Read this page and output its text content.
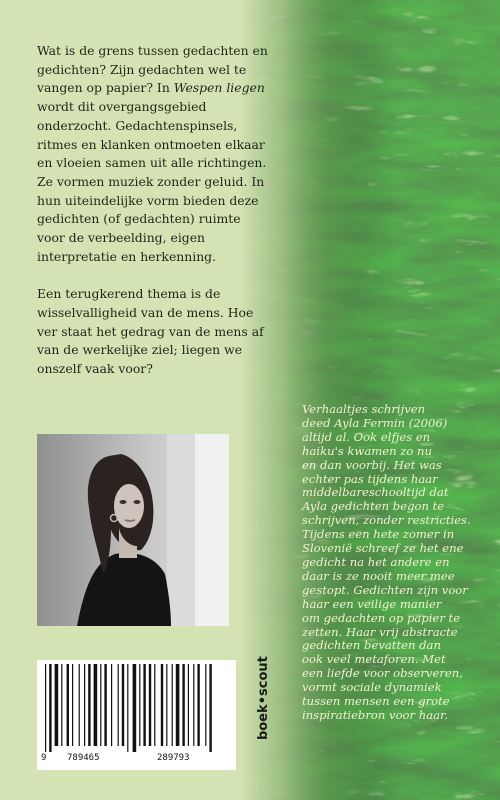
Wat is de grens tussen gedachten en gedichten? Zijn gedachten wel te vangen op papier? In Wespen liegen wordt dit overgangsgebied onderzocht. Gedachtenspinsels, ritmes en klanken ontmoeten elkaar en vloeien samen uit alle richtingen. Ze vormen muziek zonder geluid. In hun uiteindelijke vorm bieden deze gedichten (of gedachten) ruimte voor de verbeelding, eigen interpretatie en herkenning.

Een terugkerend thema is de wisselvalligheid van de mens. Hoe ver staat het gedrag van de mens af van de werkelijke ziel; liegen we onszelf vaak voor?

9 789465	289793
boek•scout
Verhaaltjes schrijven
deed Ayla Fermin (2006)
altijd al. Ook elfjes en
haiku's kwamen zo nu
en dan voorbij. Het was
echter pas tijdens haar
middelbareschooltijd dat
Ayla gedichten begon te
schrijven, zonder restricties.
Tijdens een hete zomer in
Slovenië schreef ze het ene
gedicht na het andere en
daar is ze nooit meer mee
gestopt. Gedichten zijn voor
haar een veilige manier
om gedachten op papier te
zetten. Haar vrij abstracte
gedichten bevatten dan
ook veel metaforen. Met
een liefde voor observeren,
vormt sociale dynamiek
tussen mensen een grote
inspiratiebron voor haar.
